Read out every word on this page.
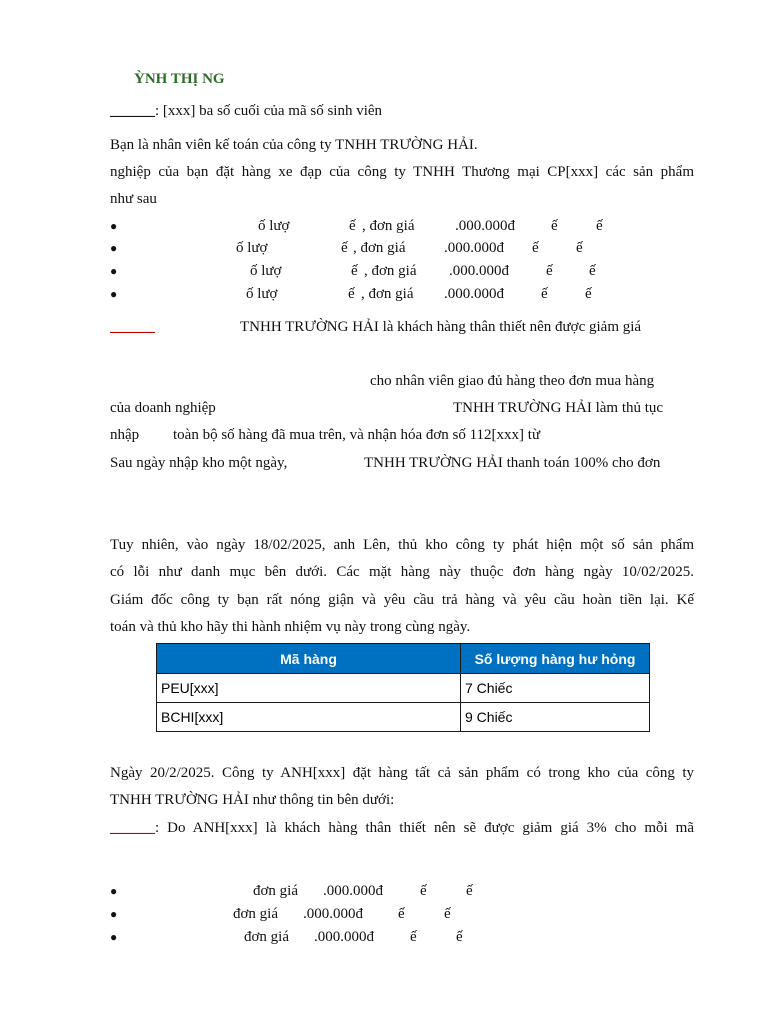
ỲNH THỊ NG
______: [xxx] ba số cuối của mã số sinh viên
Bạn là nhân viên kế toán của công ty TNHH TRƯỜNG HẢI.
nghiệp của bạn đặt hàng xe đạp của công ty TNHH Thương mại CP[xxx] các sản phẩm
như sau
●	ố lượ	ế , đơn giá	.000.000đ ế	ế
●	ố lượ	ế , đơn giá	.000.000đ ế ế
●	ố lượ	ế , đơn giá .000.000đ ế ế
●	ố lượ	ế , đơn giá .000.000đ ế ế
______	TNHH TRƯỜNG HẢI là khách hàng thân thiết nên được giảm giá
cho nhân viên giao đủ hàng theo đơn mua hàng
của doanh nghiệp	TNHH TRƯỜNG HẢI làm thủ tục
nhập toàn bộ số hàng đã mua trên, và nhận hóa đơn số 112[xxx] từ
Sau ngày nhập kho một ngày,	TNHH TRƯỜNG HẢI thanh toán 100% cho đơn
Tuy nhiên, vào ngày 18/02/2025, anh Lên, thủ kho công ty phát hiện một số sản phẩm
có lỗi như danh mục bên dưới. Các mặt hàng này thuộc đơn hàng ngày 10/02/2025.
Giám đốc công ty bạn rất nóng giận và yêu cầu trả hàng và yêu cầu hoàn tiền lại. Kế
toán và thủ kho hãy thi hành nhiệm vụ này trong cùng ngày.
Mã hàng	Số lượng hàng hư hỏng
PEU[xxx]	7 Chiếc
BCHI[xxx]	9 Chiếc
Ngày 20/2/2025. Công ty ANH[xxx] đặt hàng tất cả sản phẩm có trong kho của công ty
TNHH TRƯỜNG HẢI như thông tin bên dưới:
______: Do ANH[xxx] là khách hàng thân thiết nên sẽ được giảm giá 3% cho mỗi mã
●	đơn giá .000.000đ ế	ế
●	đơn giá .000.000đ ế	ế
●	đơn giá .000.000đ ế	ế
